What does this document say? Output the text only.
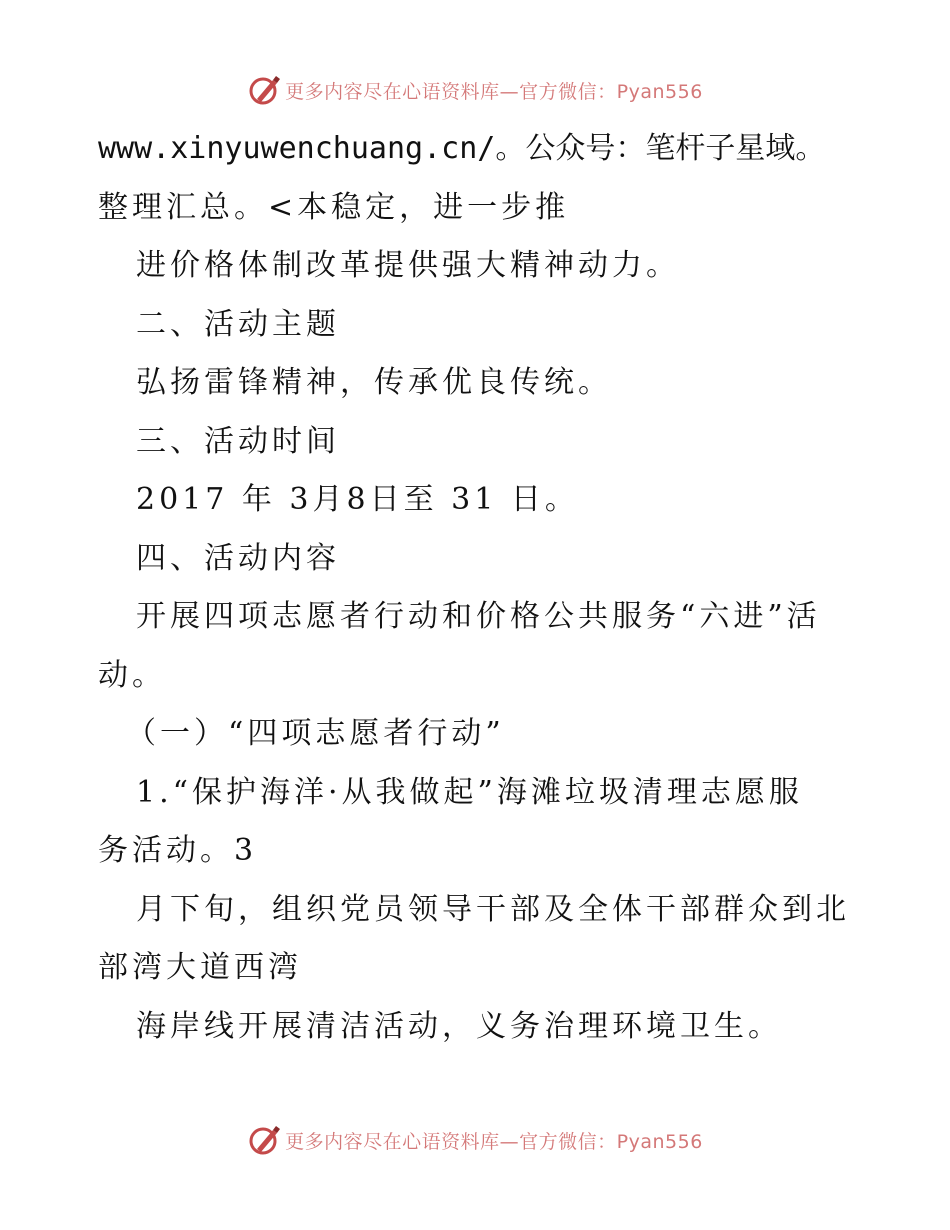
更多内容尽在心语资料库—官方微信：Pyan556
www.xinyuwenchuang.cn/。公众号：笔杆子星域。
整理汇总。<本稳定，进一步推
进价格体制改革提供强大精神动力。
二、活动主题
弘扬雷锋精神，传承优良传统。
三、活动时间
2017 年 3月8日至 31 日。
四、活动内容
开展四项志愿者行动和价格公共服务“六进”活
动。
（一）“四项志愿者行动”
1.“保护海洋·从我做起”海滩垃圾清理志愿服
务活动。3
月下旬，组织党员领导干部及全体干部群众到北
部湾大道西湾
海岸线开展清洁活动，义务治理环境卫生。
更多内容尽在心语资料库—官方微信：Pyan556
